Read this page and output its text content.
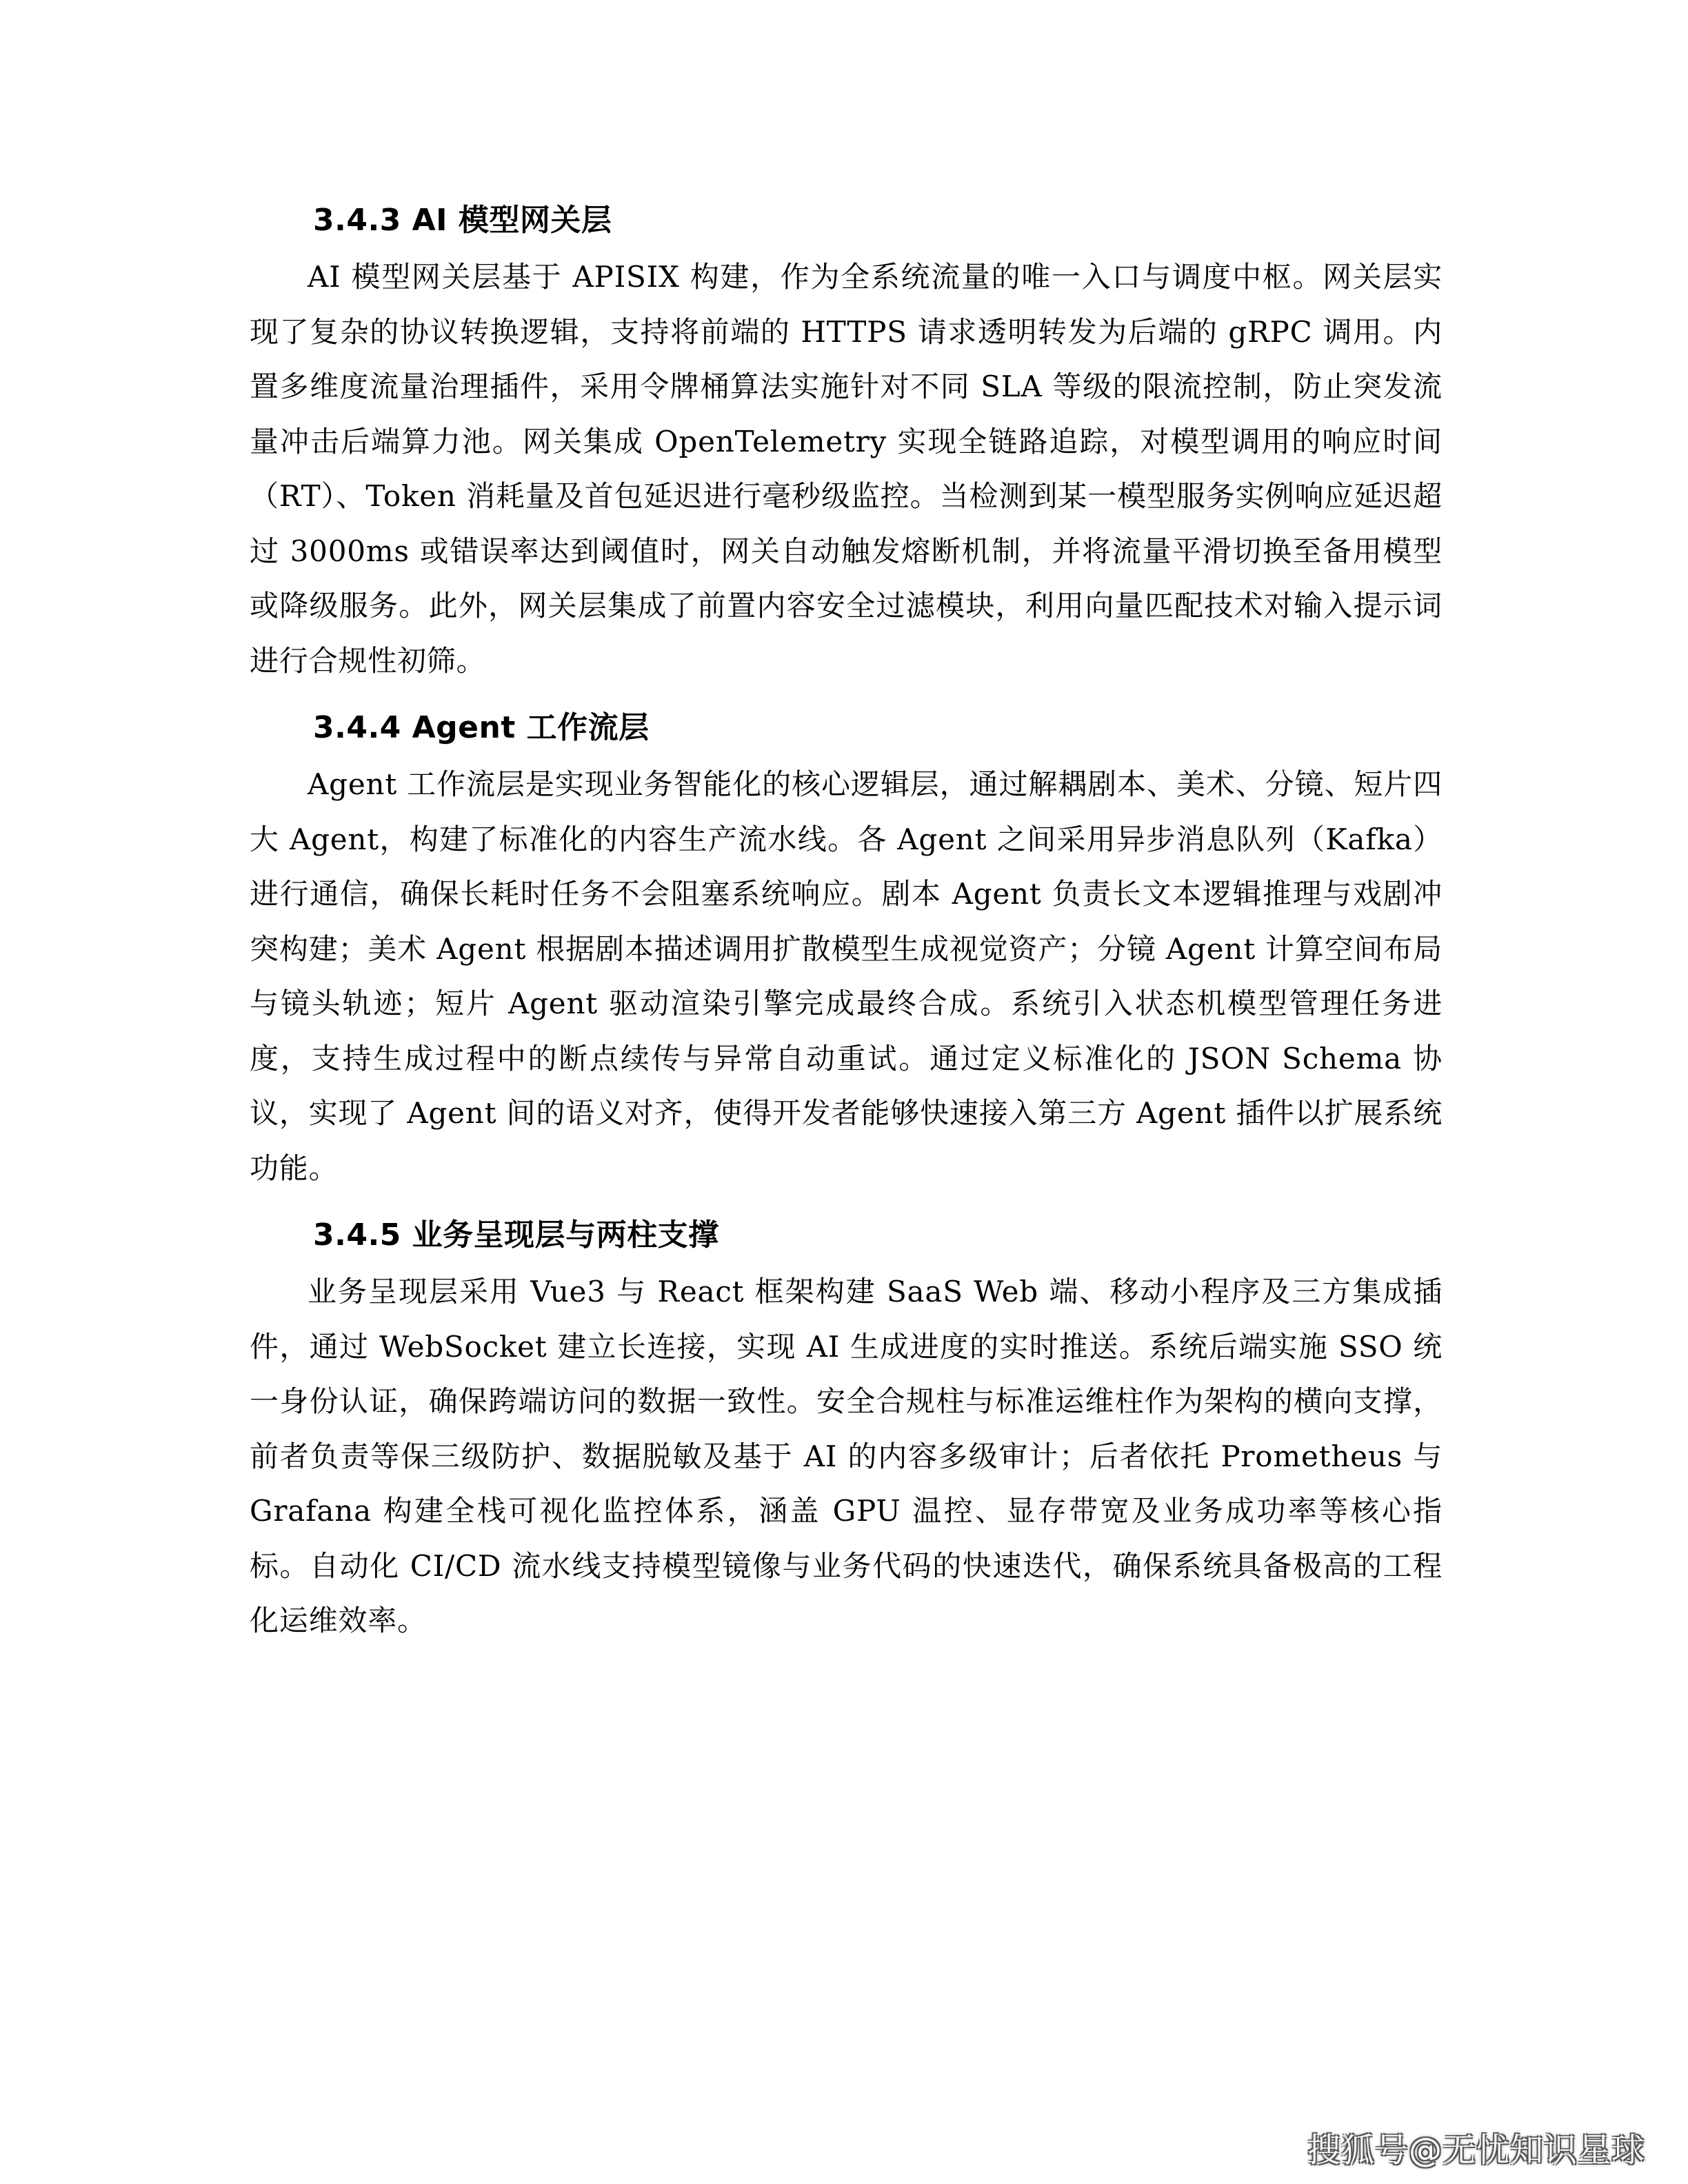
3.4.3 AI 模型网关层

AI 模型网关层基于 APISIX 构建，作为全系统流量的唯一入口与调度中枢。网关层实现了复杂的协议转换逻辑，支持将前端的 HTTPS 请求透明转发为后端的 gRPC 调用。内置多维度流量治理插件，采用令牌桶算法实施针对不同 SLA 等级的限流控制，防止突发流量冲击后端算力池。网关集成 OpenTelemetry 实现全链路追踪，对模型调用的响应时间（RT）、Token 消耗量及首包延迟进行毫秒级监控。当检测到某一模型服务实例响应延迟超过 3000ms 或错误率达到阈值时，网关自动触发熔断机制，并将流量平滑切换至备用模型或降级服务。此外，网关层集成了前置内容安全过滤模块，利用向量匹配技术对输入提示词进行合规性初筛。

3.4.4 Agent 工作流层

Agent 工作流层是实现业务智能化的核心逻辑层，通过解耦剧本、美术、分镜、短片四大 Agent，构建了标准化的内容生产流水线。各 Agent 之间采用异步消息队列（Kafka）进行通信，确保长耗时任务不会阻塞系统响应。剧本 Agent 负责长文本逻辑推理与戏剧冲突构建；美术 Agent 根据剧本描述调用扩散模型生成视觉资产；分镜 Agent 计算空间布局与镜头轨迹；短片 Agent 驱动渲染引擎完成最终合成。系统引入状态机模型管理任务进度，支持生成过程中的断点续传与异常自动重试。通过定义标准化的 JSON Schema 协议，实现了 Agent 间的语义对齐，使得开发者能够快速接入第三方 Agent 插件以扩展系统功能。

3.4.5 业务呈现层与两柱支撑

业务呈现层采用 Vue3 与 React 框架构建 SaaS Web 端、移动小程序及三方集成插件，通过 WebSocket 建立长连接，实现 AI 生成进度的实时推送。系统后端实施 SSO 统一身份认证，确保跨端访问的数据一致性。安全合规柱与标准运维柱作为架构的横向支撑，前者负责等保三级防护、数据脱敏及基于 AI 的内容多级审计；后者依托 Prometheus 与 Grafana 构建全栈可视化监控体系，涵盖 GPU 温控、显存带宽及业务成功率等核心指标。自动化 CI/CD 流水线支持模型镜像与业务代码的快速迭代，确保系统具备极高的工程化运维效率。

搜狐号@无忧知识星球
